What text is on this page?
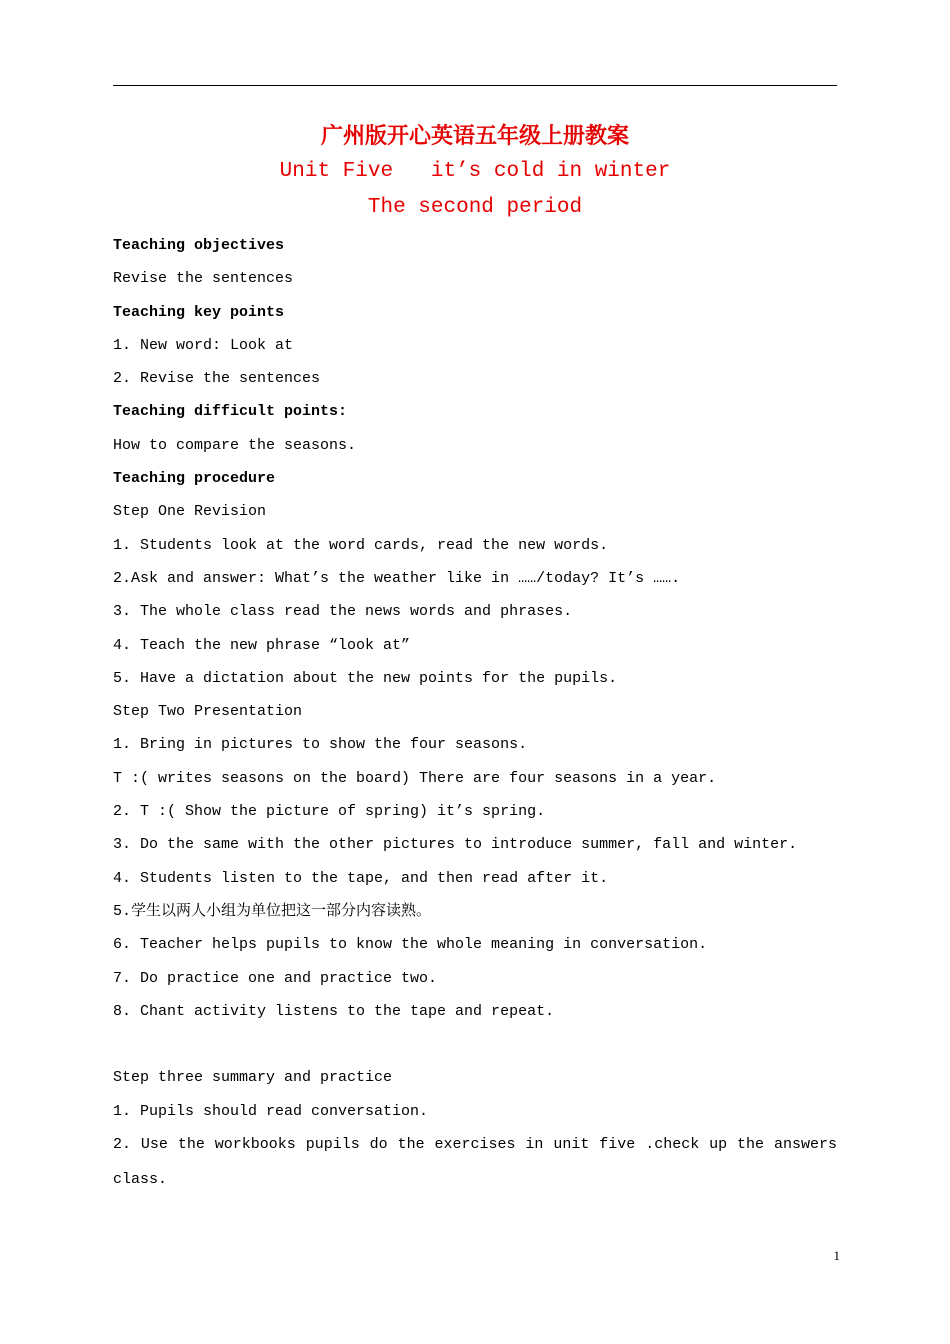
广州版开心英语五年级上册教案
Unit Five   it’s cold in winter
The second period
Teaching objectives
Revise the sentences
Teaching key points
1. New word: Look at
2. Revise the sentences
Teaching difficult points:
How to compare the seasons.
Teaching procedure
Step One Revision
1. Students look at the word cards, read the new words.
2.Ask and answer: What’s the weather like in ……/today? It’s …….
3. The whole class read the news words and phrases.
4. Teach the new phrase “look at”
5. Have a dictation about the new points for the pupils.
Step Two Presentation
1. Bring in pictures to show the four seasons.
T :( writes seasons on the board) There are four seasons in a year.
2. T :( Show the picture of spring) it’s spring.
3. Do the same with the other pictures to introduce summer, fall and winter.
4. Students listen to the tape, and then read after it.
5.学生以两人小组为单位把这一部分内容读熟。
6. Teacher helps pupils to know the whole meaning in conversation.
7. Do practice one and practice two.
8. Chant activity listens to the tape and repeat.
Step three summary and practice
1. Pupils should read conversation.
2. Use the workbooks pupils do the exercises in unit five .check up the answers
class.
1
